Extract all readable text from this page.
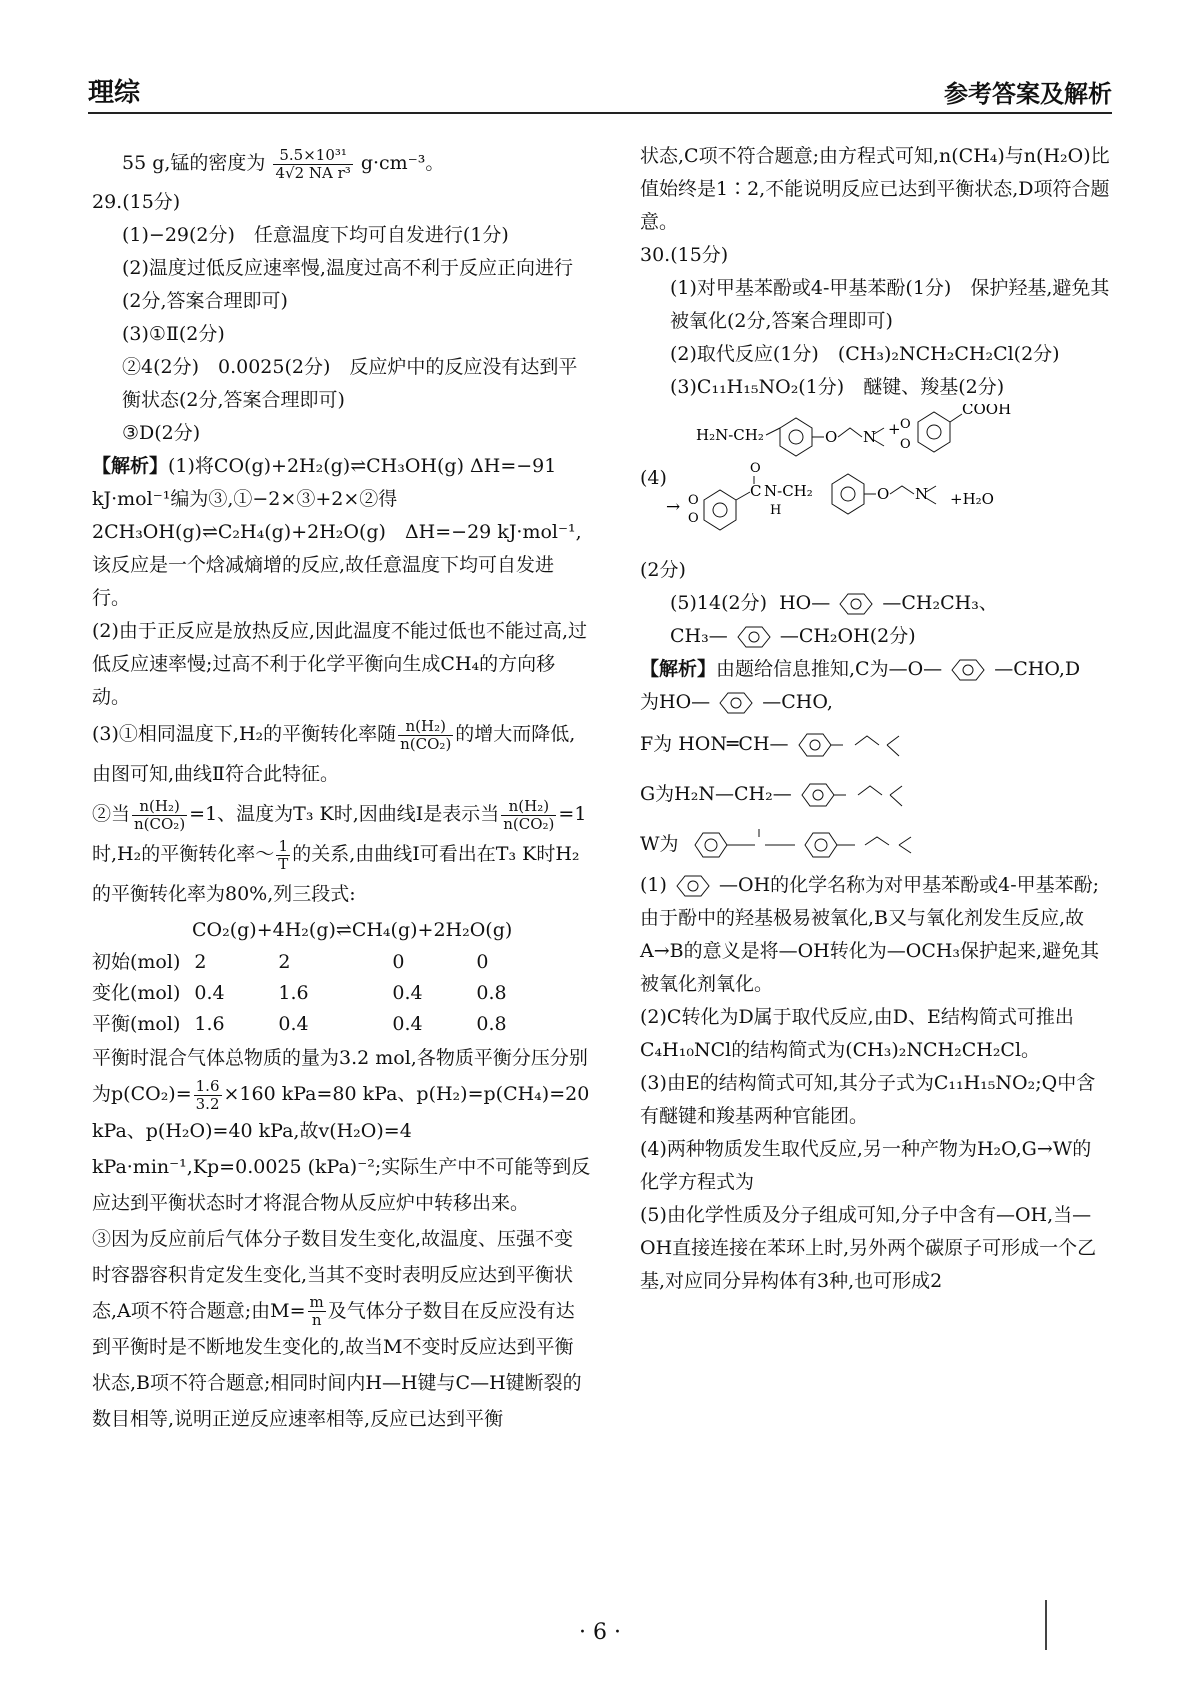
理综	参考答案及解析
55 g,锰的密度为 $\frac{\text{5.5×10³¹}}{\text{4√2 NA r³}} g\cdot cm^{-3}$。
29.(15分)
(1)−29(2分)　任意温度下均可自发进行(1分)
(2)温度过低反应速率慢,温度过高不利于反应正向进行(2分,答案合理即可)
(3)①Ⅱ(2分)
②4(2分)　0.0025(2分)　反应炉中的反应没有达到平衡状态(2分,答案合理即可)
③D(2分)
【解析】(1)将CO(g)+2H₂(g)⇌CH₃OH(g) ΔH=−91 kJ·mol⁻¹编为③,①−2×③+2×②得2CH₃OH(g)⇌C₂H₄(g)+2H₂O(g)　ΔH=−29 kJ·mol⁻¹,该反应是一个焓减熵增的反应,故任意温度下均可自发进行。
(2)由于正反应是放热反应,因此温度不能过低也不能过高,过低反应速率慢;过高不利于化学平衡向生成CH₄的方向移动。
(3)①相同温度下,H₂的平衡转化率随 $\frac{\text{n(H₂)}}{\text{n(CO₂)}}$ 的增大而降低,由图可知,曲线Ⅱ符合此特征。
②当 $\frac{\text{n(H₂)}}{\text{n(CO₂)}} =1$、温度为T₃ K时,因曲线Ⅰ是表示当 $\frac{\text{n(H₂)}}{\text{n(CO₂)}} =1$时,H₂的平衡转化率～ $\frac{1}{T}$ 的关系,由曲线Ⅰ可看出在T₃ K时H₂的平衡转化率为80%,列三段式:
CO₂(g)+4H₂(g)⇌CH₄(g)+2H₂O(g)
初始(mol)	2	2	0	0
变化(mol)	0.4	1.6	0.4	0.8
平衡(mol)	1.6	0.4	0.4	0.8
平衡时混合气体总物质的量为3.2 mol,各物质平衡分压分别为$p(CO_2)= \frac{1.6}{3.2} \times 160$ kPa=80 kPa、p(H₂)=p(CH₄)=20 kPa、p(H₂O)=40 kPa,故v(H₂O)=4 kPa·min⁻¹,Kp=0.0025 (kPa)⁻²;实际生产中不可能等到反应达到平衡状态时才将混合物从反应炉中转移出来。
③因为反应前后气体分子数目发生变化,故温度、压强不变时容器容积肯定发生变化,当其不变时表明反应达到平衡状态,A项不符合题意;由$M= \frac{m}{n}$ 及气体分子数目在反应没有达到平衡时是不断地发生变化的,故当M不变时反应达到平衡状态,B项不符合题意;相同时间内H—H键与C—H键断裂的数目相等,说明正逆反应速率相等,反应已达到平衡
状态,C项不符合题意;由方程式可知,n(CH₄)与n(H₂O)比值始终是1∶2,不能说明反应已达到平衡状态,D项符合题意。
30.(15分)
(1)对甲基苯酚或4-甲基苯酚(1分)　保护羟基,避免其被氧化(2分,答案合理即可)
(2)取代反应(1分)　(CH₃)₂NCH₂CH₂Cl(2分)
(3)C₁₁H₁₅NO₂(1分)　醚键、羧基(2分)
(4)
H₂N-CH₂	O N + O
O
COOH
→ O
O
C
O
N-CH₂
H
O N +H₂O
(2分)
(5)14(2分) HO—	—CH₂CH₃、
CH₃—	—CH₂OH(2分)
【解析】由题给信息推知,C为—O—	—CHO,D
为HO—	—CHO,
F为 HON═CH—
G为H₂N—CH₂—
W为
(1)	—OH的化学名称为对甲基苯酚或4-甲基苯酚;由于酚中的羟基极易被氧化,B又与氧化剂发生反应,故A→B的意义是将—OH转化为—OCH₃保护起来,避免其被氧化剂氧化。
(2)C转化为D属于取代反应,由D、E结构简式可推出C₄H₁₀NCl的结构简式为(CH₃)₂NCH₂CH₂Cl。
(3)由E的结构简式可知,其分子式为C₁₁H₁₅NO₂;Q中含有醚键和羧基两种官能团。
(4)两种物质发生取代反应,另一种产物为H₂O,G→W的化学方程式为
(5)由化学性质及分子组成可知,分子中含有—OH,当—OH直接连接在苯环上时,另外两个碳原子可形成一个乙基,对应同分异构体有3种,也可形成2
· 6 ·
